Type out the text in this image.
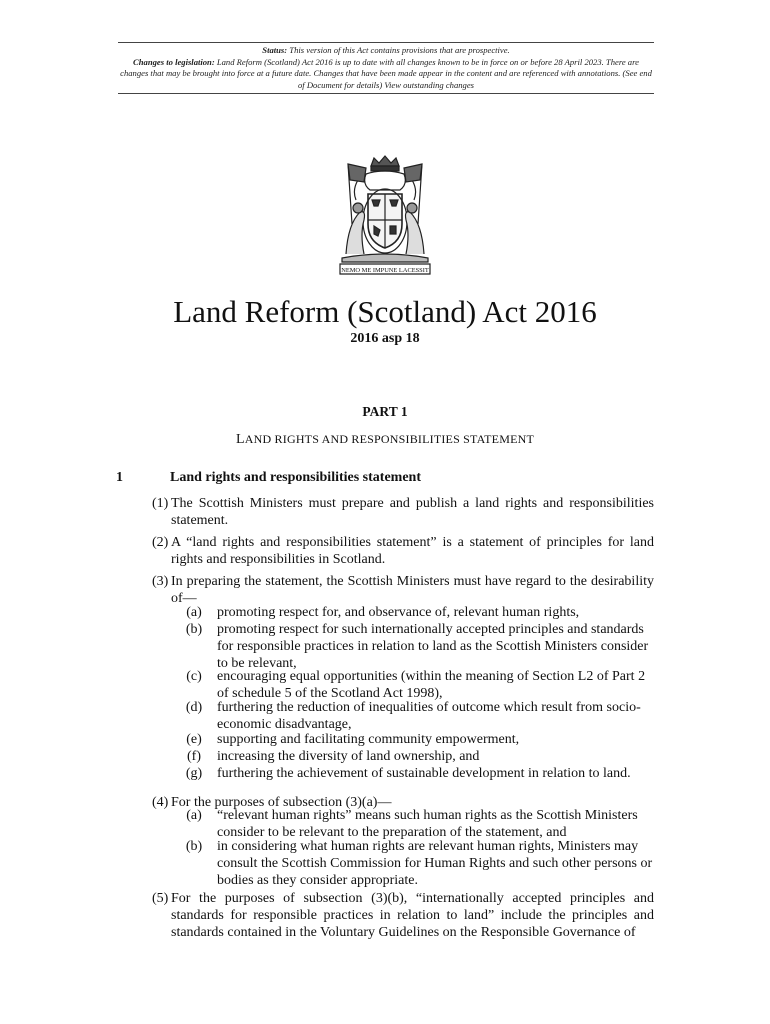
Status: This version of this Act contains provisions that are prospective.
Changes to legislation: Land Reform (Scotland) Act 2016 is up to date with all changes known to be in force on or before 28 April 2023. There are changes that may be brought into force at a future date. Changes that have been made appear in the content and are referenced with annotations. (See end of Document for details) View outstanding changes
NEMO ME IMPUNE LACESSIT
Land Reform (Scotland) Act 2016
2016 asp 18
PART 1
LAND RIGHTS AND RESPONSIBILITIES STATEMENT
1	Land rights and responsibilities statement
(1) The Scottish Ministers must prepare and publish a land rights and responsibilities statement.
(2) A “land rights and responsibilities statement” is a statement of principles for land rights and responsibilities in Scotland.
(3) In preparing the statement, the Scottish Ministers must have regard to the desirability of—
(a)	promoting respect for, and observance of, relevant human rights,
(b)	promoting respect for such internationally accepted principles and standards for responsible practices in relation to land as the Scottish Ministers consider to be relevant,
(c)	encouraging equal opportunities (within the meaning of Section L2 of Part 2 of schedule 5 of the Scotland Act 1998),
(d)	furthering the reduction of inequalities of outcome which result from socio-economic disadvantage,
(e)	supporting and facilitating community empowerment,
(f)	increasing the diversity of land ownership, and
(g)	furthering the achievement of sustainable development in relation to land.
(4) For the purposes of subsection (3)(a)—
(a)	“relevant human rights” means such human rights as the Scottish Ministers consider to be relevant to the preparation of the statement, and
(b)	in considering what human rights are relevant human rights, Ministers may consult the Scottish Commission for Human Rights and such other persons or bodies as they consider appropriate.
(5) For the purposes of subsection (3)(b), “internationally accepted principles and standards for responsible practices in relation to land” include the principles and standards contained in the Voluntary Guidelines on the Responsible Governance of
